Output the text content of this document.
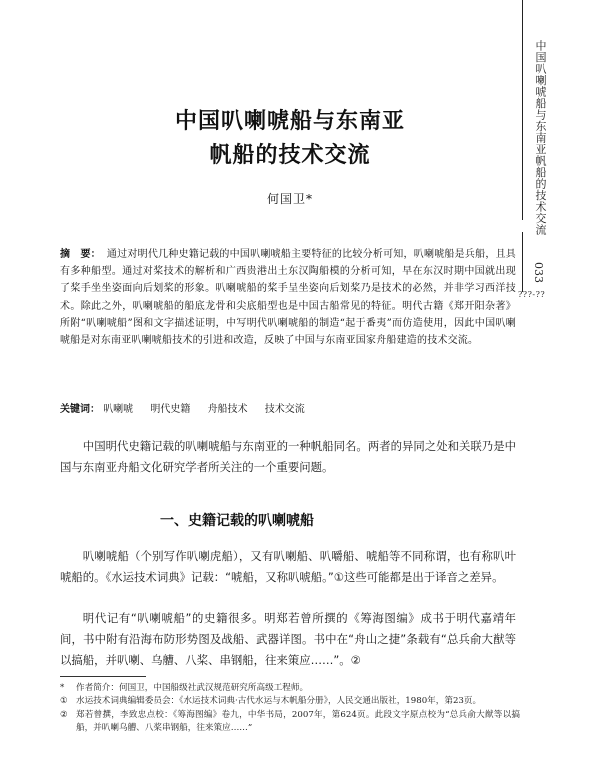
中国叭喇唬船与东南亚帆船的技术交流
033
???-??
中国叭喇唬船与东南亚
帆船的技术交流
何国卫*
摘　要： 通过对明代几种史籍记载的中国叭喇唬船主要特征的比较分析可知，叭喇唬船是兵船，且具有多种船型。通过对桨技术的解析和广西贵港出土东汉陶船模的分析可知，早在东汉时期中国就出现了桨手坐坐姿面向后划桨的形象。叭喇唬船的桨手呈坐姿向后划桨乃是技术的必然，并非学习西洋技术。除此之外，叭喇唬船的船底龙骨和尖底船型也是中国古船常见的特征。明代古籍《郑开阳杂著》所附“叭喇唬船”图和文字描述证明，中写明代叭喇唬船的制造“起于番夷”而仿造使用，因此中国叭喇唬船是对东南亚叭喇唬船技术的引进和改造，反映了中国与东南亚国家舟船建造的技术交流。
关键词： 叭喇唬 明代史籍 舟船技术 技术交流
中国明代史籍记载的叭喇唬船与东南亚的一种帆船同名。两者的异同之处和关联乃是中国与东南亚舟船文化研究学者所关注的一个重要问题。
一、史籍记载的叭喇唬船
叭喇唬船（个别写作叭喇虎船），又有叭喇船、叭嚼船、唬船等不同称谓，也有称叭叶唬船的。《水运技术词典》记载：“唬船，又称叭唬船。”①这些可能都是出于译音之差异。
明代记有“叭喇唬船”的史籍很多。明郑若曾所撰的《筹海图编》成书于明代嘉靖年间，书中附有沿海布防形势图及战船、武器详图。书中在“舟山之捷”条载有“总兵俞大猷等以搞船，并叭喇、乌艚、八桨、串钢船，往来策应……”。②
*	作者简介：何国卫，中国船级社武汉规范研究所高级工程师。
① 水运技术词典编辑委员会：《水运技术词典·古代水运与木帆船分册》，人民交通出版社，1980年，第23页。
② 郑若曾撰，李致忠点校：《筹海图编》卷九，中华书局，2007年，第624页。此段文字原点校为“总兵俞大猷等以搞船，并叭喇乌艚、八桨串钢船，往来策应……”
